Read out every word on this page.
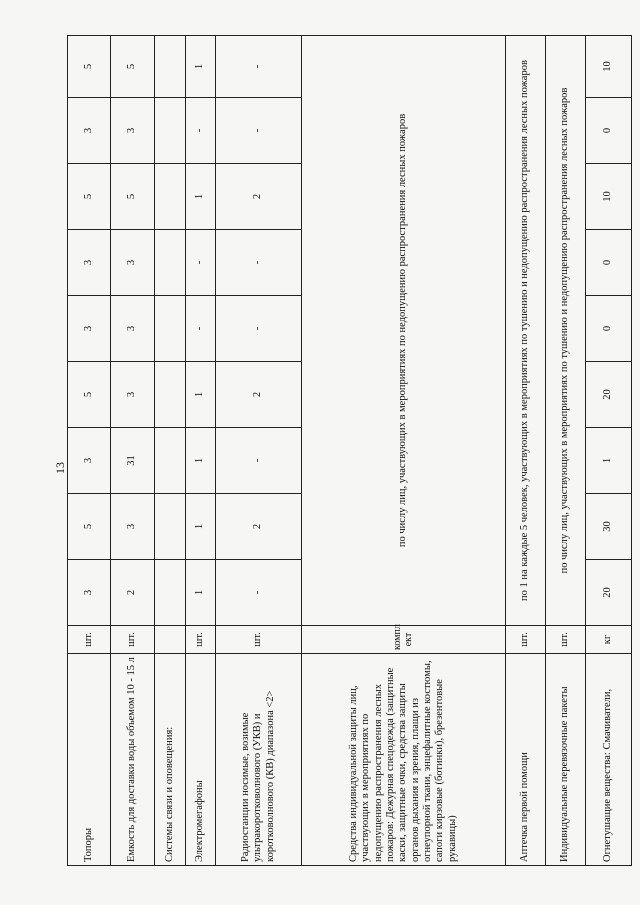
13
Топоры	шт.	3	5	3	5	3	3	5	3	5
Емкость для доставки воды объемом 10 - 15 л	шт.	2	3	31	3	3	3	5	3	5
Системы связи и оповещения:										
Электромегафоны	шт.	1	1	1	1	-	-	1	-	1
Радиостанции носимые, возимые ультракоротковолнового (УКВ) и коротковолнового (КВ) диапазона <2>	шт.	-	2	-	2	-	-	2	-	-
Средства индивидуальной защиты лиц, участвующих в мероприятиях по недопущению распространения лесных пожаров: Дежурная спецодежда (защитные каски, защитные очки, средства защиты органов дыхания и зрения, плащи из огнеупорной ткани, энцефалитные костюмы, сапоги кирзовые (ботинки), брезентовые рукавицы)	компл ект	по числу лиц, участвующих в мероприятиях по недопущению распространения лесных пожаров								
Аптечка первой помощи	шт.	по 1 на каждые 5 человек, участвующих в мероприятиях по тушению и недопущению распространения лесных пожаров								
Индивидуальные перевязочные пакеты	шт.	по числу лиц, участвующих в мероприятиях по тушению и недопущению распространения лесных пожаров								
Огнетушащие вещества: Смачиватели,	кг	20	30	1	20	0	0	10	0	10
